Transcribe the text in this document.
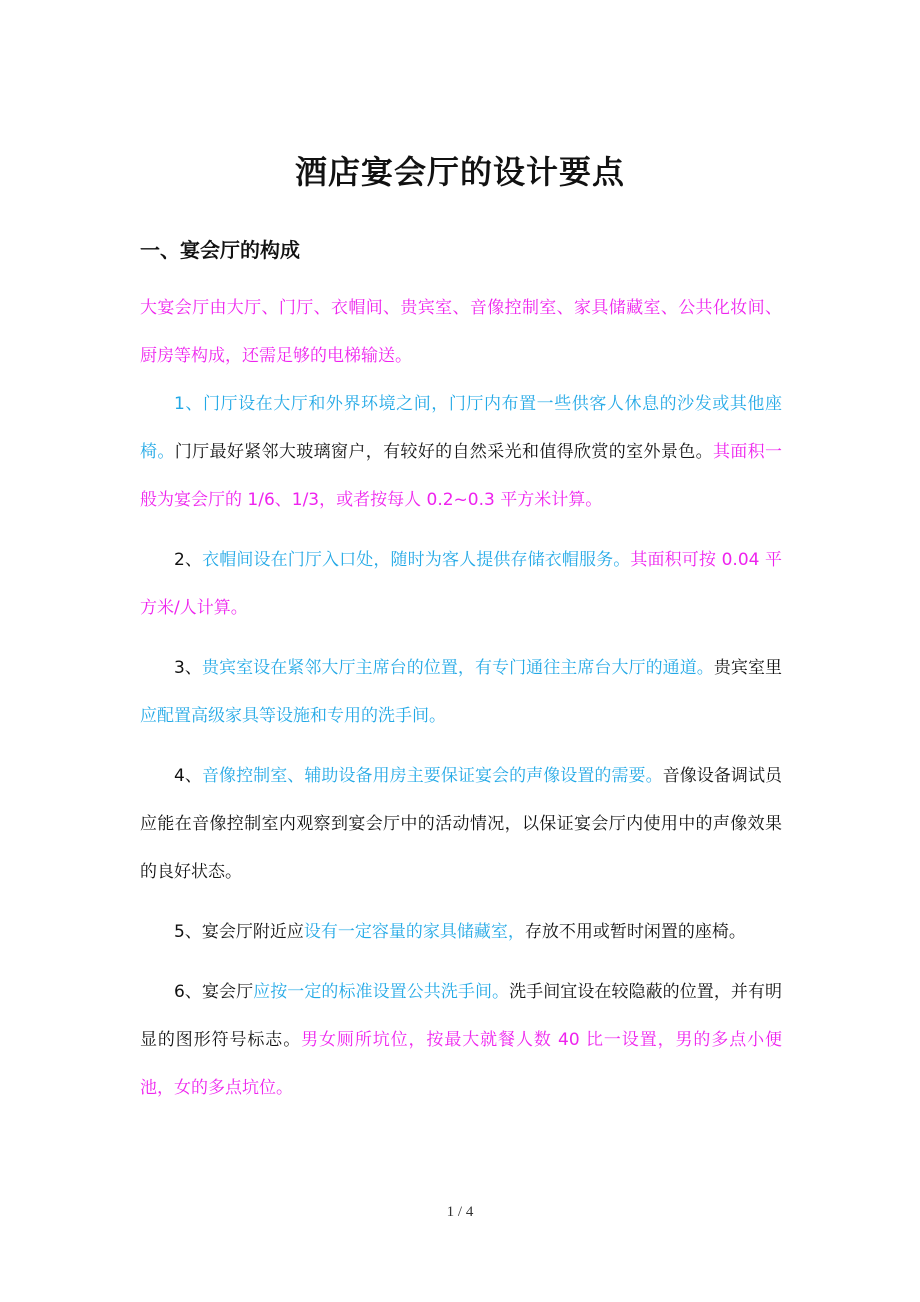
酒店宴会厅的设计要点
一、宴会厅的构成

大宴会厅由大厅、门厅、衣帽间、贵宾室、音像控制室、家具储藏室、公共化妆间、厨房等构成，还需足够的电梯输送。

1、门厅设在大厅和外界环境之间，门厅内布置一些供客人休息的沙发或其他座椅。门厅最好紧邻大玻璃窗户，有较好的自然采光和值得欣赏的室外景色。其面积一般为宴会厅的 1/6、1/3，或者按每人 0.2~0.3 平方米计算。

2、衣帽间设在门厅入口处，随时为客人提供存储衣帽服务。其面积可按 0.04 平方米/人计算。

3、贵宾室设在紧邻大厅主席台的位置，有专门通往主席台大厅的通道。贵宾室里应配置高级家具等设施和专用的洗手间。

4、音像控制室、辅助设备用房主要保证宴会的声像设置的需要。音像设备调试员应能在音像控制室内观察到宴会厅中的活动情况，以保证宴会厅内使用中的声像效果的良好状态。

5、宴会厅附近应设有一定容量的家具储藏室，存放不用或暂时闲置的座椅。

6、宴会厅应按一定的标准设置公共洗手间。洗手间宜设在较隐蔽的位置，并有明显的图形符号标志。男女厕所坑位，按最大就餐人数 40 比一设置，男的多点小便池，女的多点坑位。

1 / 4
